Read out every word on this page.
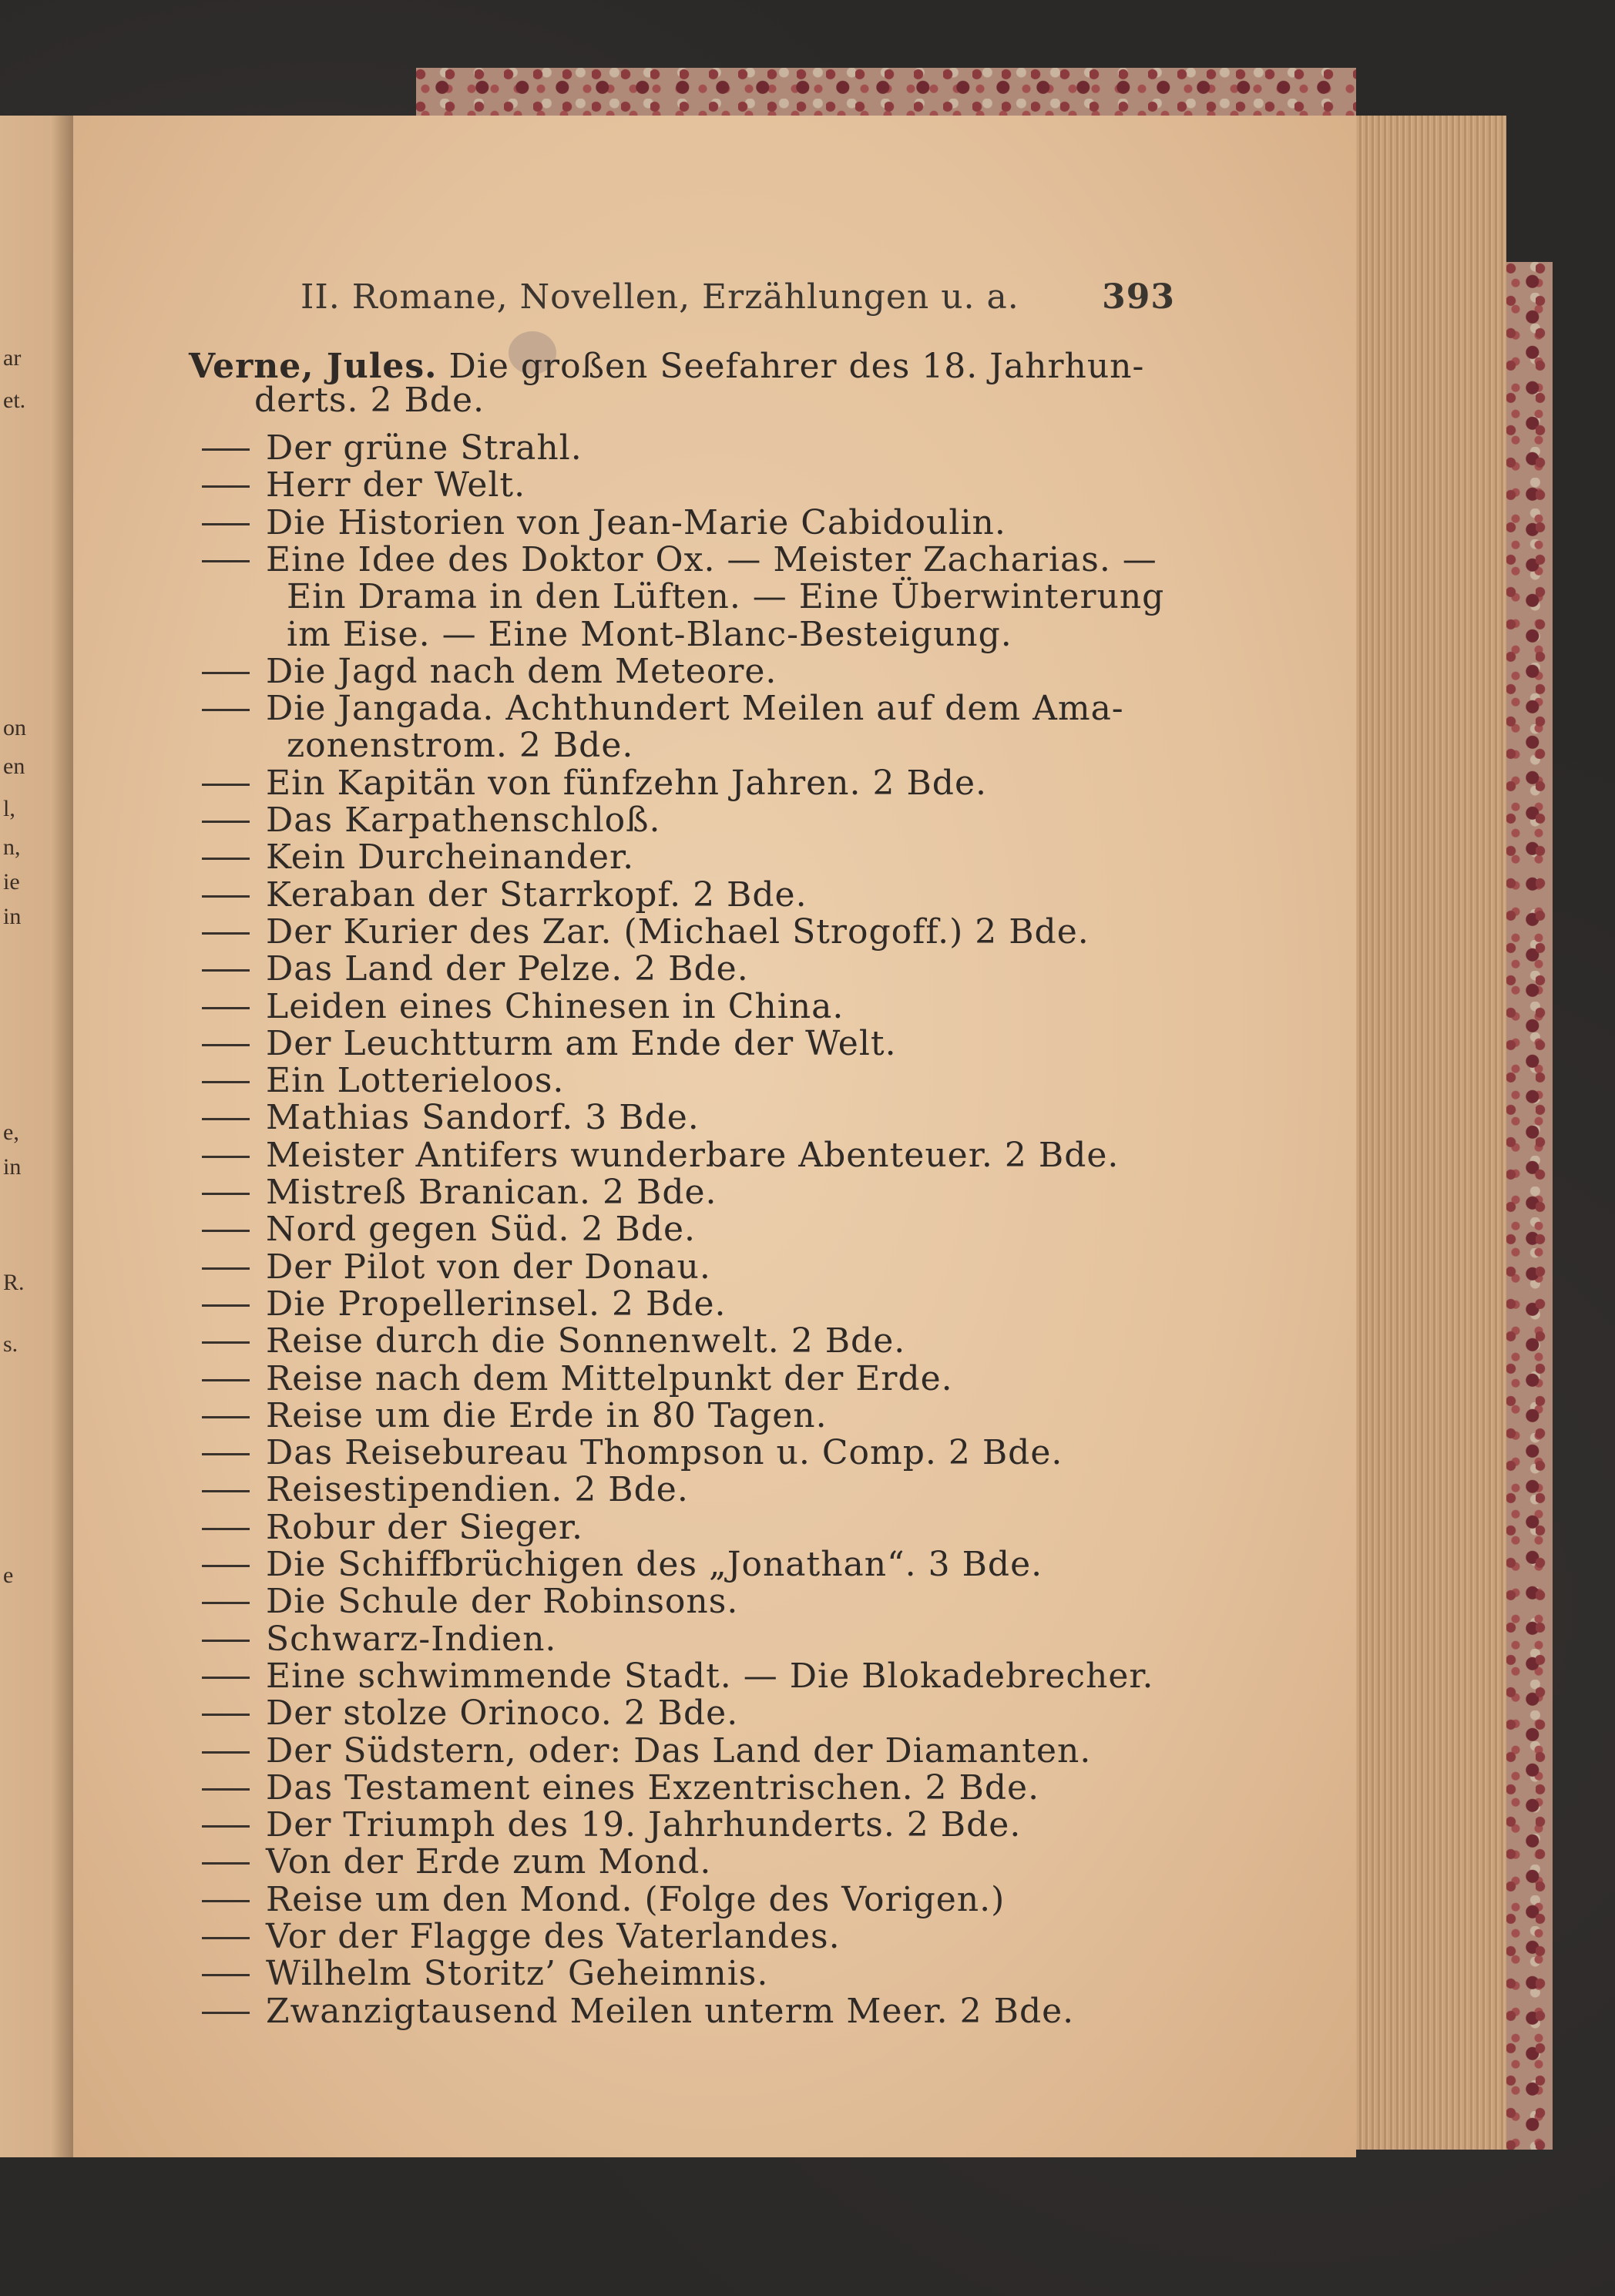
ar
et.
on
en
l,
n,
ie
in
e,
in
R.
s.
e
II. Romane, Novellen, Erzählungen u. a. 393
Verne, Jules. Die großen Seefahrer des 18. Jahrhun-
derts. 2 Bde.
Der grüne Strahl.
Herr der Welt.
Die Historien von Jean-Marie Cabidoulin.
Eine Idee des Doktor Ox. — Meister Zacharias. —
Ein Drama in den Lüften. — Eine Überwinterung
im Eise. — Eine Mont-Blanc-Besteigung.
Die Jagd nach dem Meteore.
Die Jangada. Achthundert Meilen auf dem Ama-
zonenstrom. 2 Bde.
Ein Kapitän von fünfzehn Jahren. 2 Bde.
Das Karpathenschloß.
Kein Durcheinander.
Keraban der Starrkopf. 2 Bde.
Der Kurier des Zar. (Michael Strogoff.) 2 Bde.
Das Land der Pelze. 2 Bde.
Leiden eines Chinesen in China.
Der Leuchtturm am Ende der Welt.
Ein Lotterieloos.
Mathias Sandorf. 3 Bde.
Meister Antifers wunderbare Abenteuer. 2 Bde.
Mistreß Branican. 2 Bde.
Nord gegen Süd. 2 Bde.
Der Pilot von der Donau.
Die Propellerinsel. 2 Bde.
Reise durch die Sonnenwelt. 2 Bde.
Reise nach dem Mittelpunkt der Erde.
Reise um die Erde in 80 Tagen.
Das Reisebureau Thompson u. Comp. 2 Bde.
Reisestipendien. 2 Bde.
Robur der Sieger.
Die Schiffbrüchigen des „Jonathan“. 3 Bde.
Die Schule der Robinsons.
Schwarz-Indien.
Eine schwimmende Stadt. — Die Blokadebrecher.
Der stolze Orinoco. 2 Bde.
Der Südstern, oder: Das Land der Diamanten.
Das Testament eines Exzentrischen. 2 Bde.
Der Triumph des 19. Jahrhunderts. 2 Bde.
Von der Erde zum Mond.
Reise um den Mond. (Folge des Vorigen.)
Vor der Flagge des Vaterlandes.
Wilhelm Storitz’ Geheimnis.
Zwanzigtausend Meilen unterm Meer. 2 Bde.
